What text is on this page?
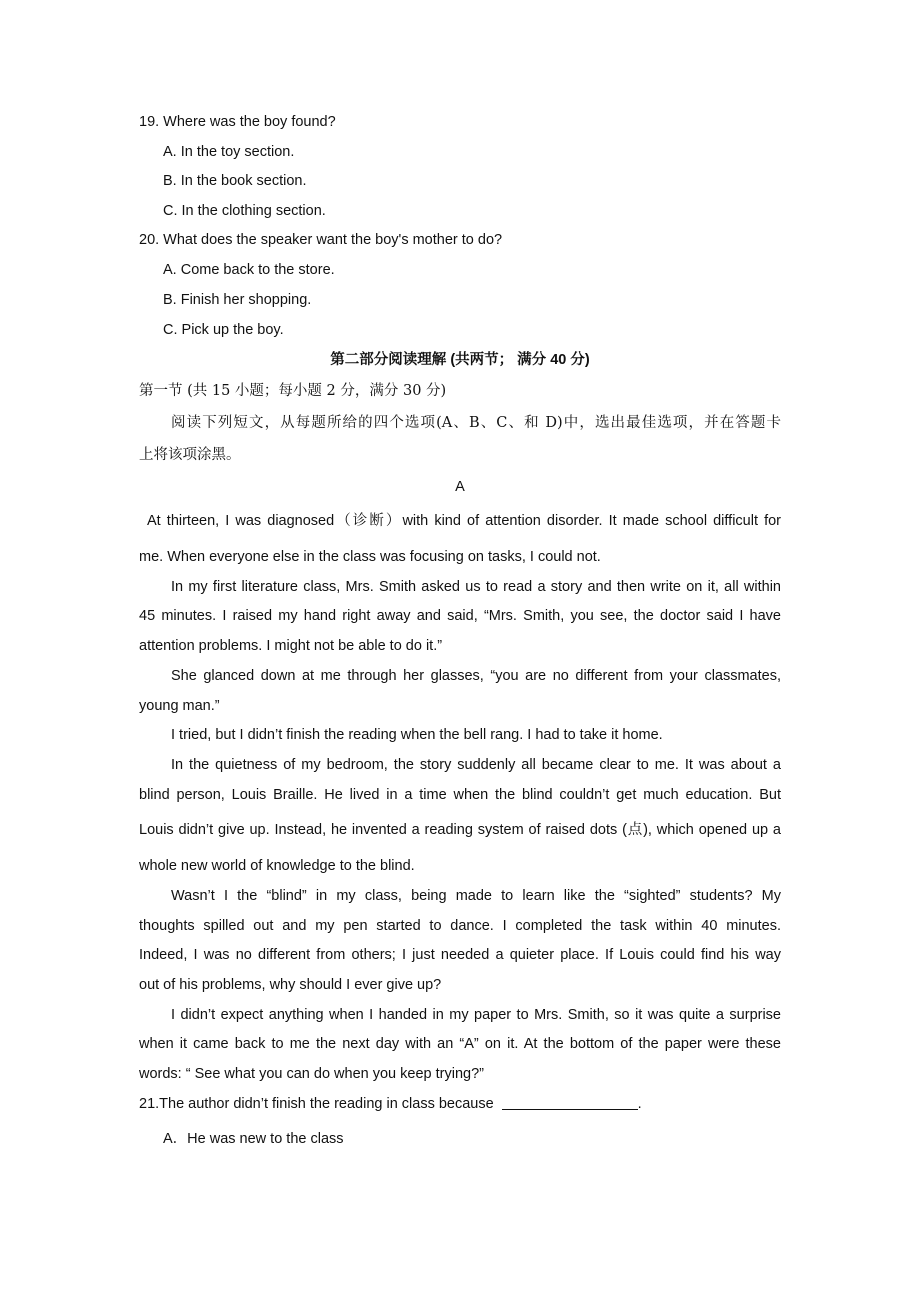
19. Where was the boy found?
A. In the toy section.
B. In the book section.
C. In the clothing section.
20. What does the speaker want the boy's mother to do?
A. Come back to the store.
B. Finish her shopping.
C. Pick up the boy.
第二部分阅读理解 (共两节； 满分 40 分)
第一节 (共 15 小题；每小题 2 分，满分 30 分)
阅读下列短文，从每题所给的四个选项(A、B、C、和 D)中，选出最佳选项，并在答题卡
上将该项涂黑。
A
At thirteen, I was diagnosed（诊断）with kind of attention disorder. It made school difficult for
me. When everyone else in the class was focusing on tasks, I could not.
In my first literature class, Mrs. Smith asked us to read a story and then write on it, all within
45 minutes. I raised my hand right away and said, “Mrs. Smith, you see, the doctor said I have
attention problems. I might not be able to do it.”
She glanced down at me through her glasses, “you are no different from your classmates,
young man.”
I tried, but I didn’t finish the reading when the bell rang. I had to take it home.
In the quietness of my bedroom, the story suddenly all became clear to me. It was about a
blind person, Louis Braille. He lived in a time when the blind couldn’t get much education. But
Louis didn’t give up. Instead, he invented a reading system of raised dots (点), which opened up a
whole new world of knowledge to the blind.
Wasn’t I the “blind” in my class, being made to learn like the “sighted” students? My
thoughts spilled out and my pen started to dance. I completed the task within 40 minutes.
Indeed, I was no different from others; I just needed a quieter place. If Louis could find his way
out of his problems, why should I ever give up?
I didn’t expect anything when I handed in my paper to Mrs. Smith, so it was quite a surprise
when it came back to me the next day with an “A” on it. At the bottom of the paper were these
words: “ See what you can do when you keep trying?”
21.The author didn’t finish the reading in class because	.
A．He was new to the class
